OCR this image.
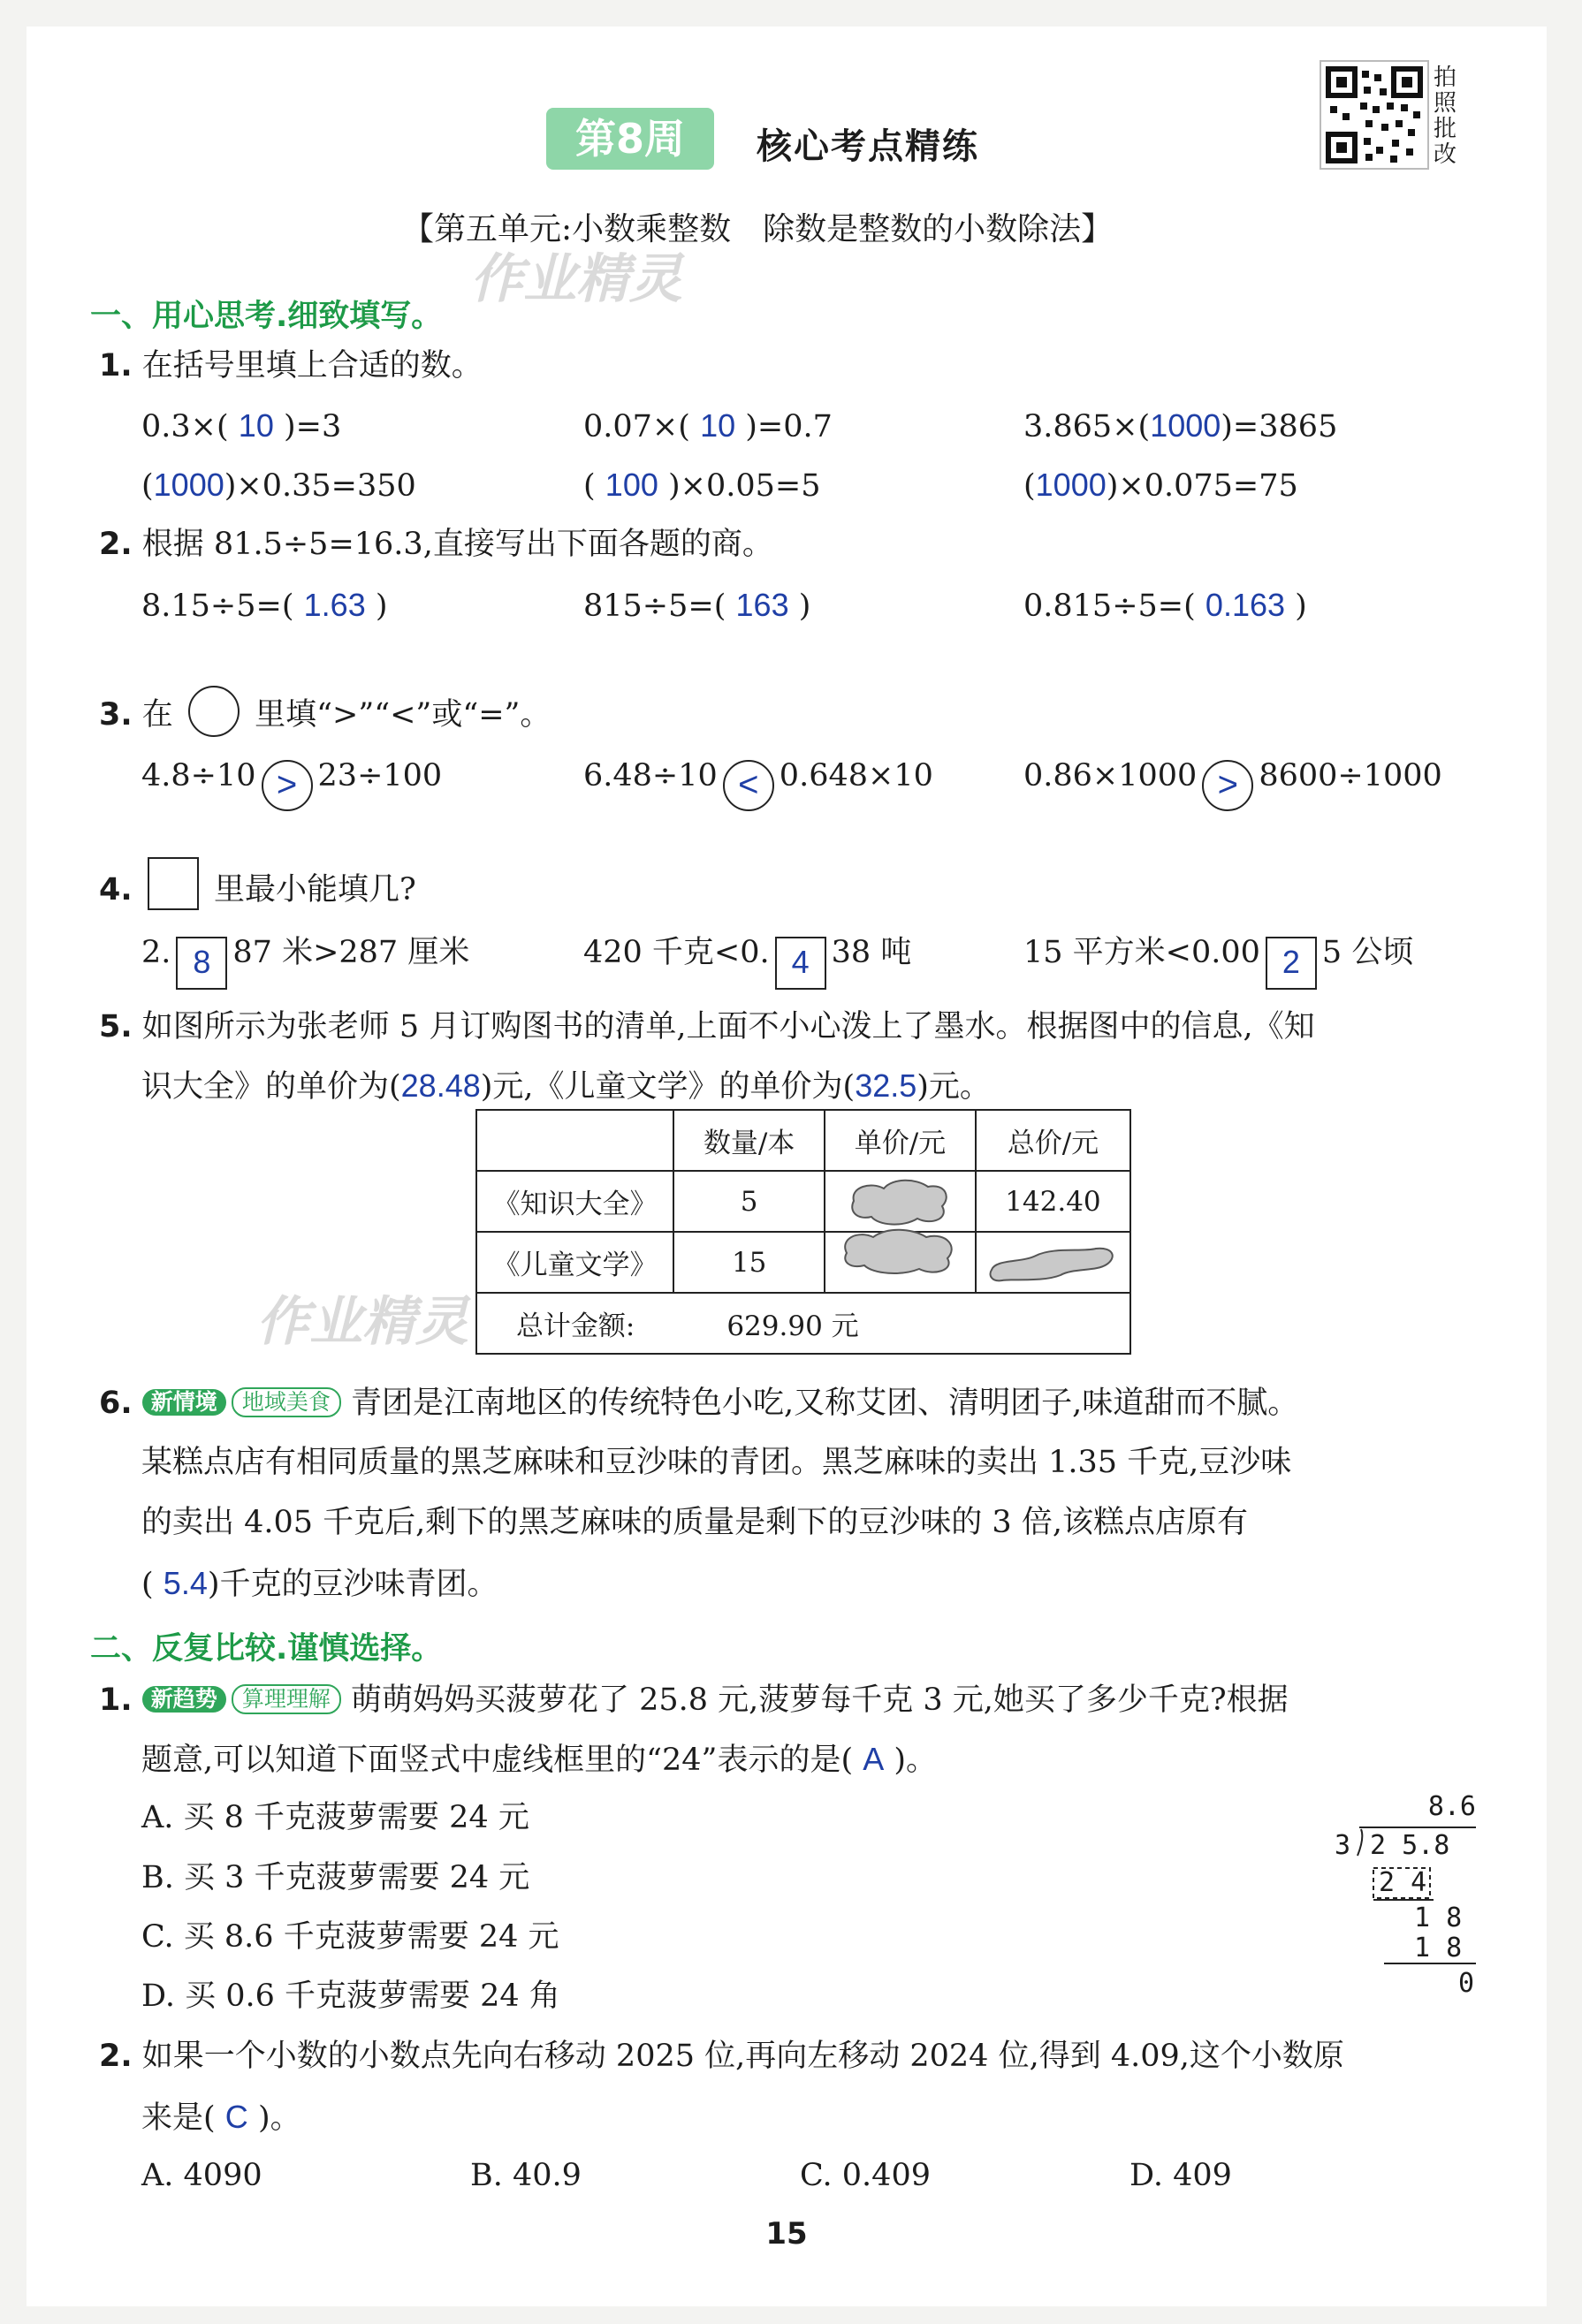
第8周	核心考点精练
拍
照
批
改
【第五单元:小数乘整数　除数是整数的小数除法】
作业精灵
一、用心思考.细致填写。
1. 在括号里填上合适的数。
0.3×( 10 )=3	0.07×( 10 )=0.7	3.865×(1000)=3865
(1000)×0.35=350	( 100 )×0.05=5	(1000)×0.075=75
2. 根据 81.5÷5=16.3,直接写出下面各题的商。
8.15÷5=( 1.63 )	815÷5=( 163 )	0.815÷5=( 0.163 )
3. 在	里填“>”“<”或“=”。
4.8÷10 > 23÷100	6.48÷10 < 0.648×10	0.86×1000 > 8600÷1000
4.	里最小能填几?
2. 8 87 米>287 厘米	420 千克<0. 4 38 吨	15 平方米<0.00 2 5 公顷
5. 如图所示为张老师 5 月订购图书的清单,上面不小心泼上了墨水。根据图中的信息,《知
识大全》的单价为(28.48)元,《儿童文学》的单价为(32.5)元。
	数量/本	单价/元	总价/元
《知识大全》	5		142.40
《儿童文学》	15	

总计金额:	629.90 元		
作业精灵
6. 新情境 地域美食 青团是江南地区的传统特色小吃,又称艾团、清明团子,味道甜而不腻。
某糕点店有相同质量的黑芝麻味和豆沙味的青团。黑芝麻味的卖出 1.35 千克,豆沙味
的卖出 4.05 千克后,剩下的黑芝麻味的质量是剩下的豆沙味的 3 倍,该糕点店原有
( 5.4)千克的豆沙味青团。
二、反复比较.谨慎选择。
1. 新趋势 算理理解 萌萌妈妈买菠萝花了 25.8 元,菠萝每千克 3 元,她买了多少千克?根据
题意,可以知道下面竖式中虚线框里的“24”表示的是( A )。
A. 买 8 千克菠萝需要 24 元
B. 买 3 千克菠萝需要 24 元
C. 买 8.6 千克菠萝需要 24 元
D. 买 0.6 千克菠萝需要 24 角
8.6
3 2 5.8
2 4
1 8
1 8
0
2. 如果一个小数的小数点先向右移动 2025 位,再向左移动 2024 位,得到 4.09,这个小数原
来是( C )。
A. 4090	B. 40.9	C. 0.409	D. 409
15
